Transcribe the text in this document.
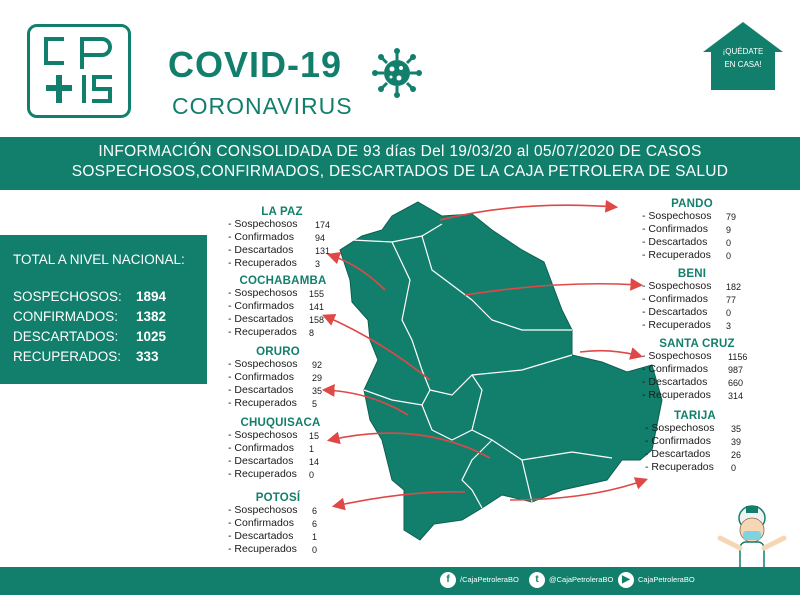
COVID-19
CORONAVIRUS
¡QUÉDATE
EN CASA!
INFORMACIÓN CONSOLIDADA DE 93 días Del 19/03/20 al 05/07/2020 DE CASOS
SOSPECHOSOS,CONFIRMADOS, DESCARTADOS DE LA CAJA PETROLERA DE SALUD
TOTAL A NIVEL NACIONAL:
SOSPECHOSOS: 1894
CONFIRMADOS: 1382
DESCARTADOS: 1025
RECUPERADOS: 333
LA PAZ
- Sospechosos 174
- Confirmados 94
- Descartados 131
- Recuperados 3
COCHABAMBA
- Sospechosos 155
- Confirmados 141
- Descartados 158
- Recuperados 8
ORURO
- Sospechosos 92
- Confirmados 29
- Descartados 35
- Recuperados 5
CHUQUISACA
- Sospechosos 15
- Confirmados 1
- Descartados 14
- Recuperados 0
POTOSÍ
- Sospechosos 6
- Confirmados 6
- Descartados 1
- Recuperados 0
PANDO
- Sospechosos 79
- Confirmados 9
- Descartados 0
- Recuperados 0
BENI
- Sospechosos 182
- Confirmados 77
- Descartados 0
- Recuperados 3
SANTA CRUZ
- Sospechosos 1156
- Confirmados 987
- Descartados 660
- Recuperados 314
TARIJA
- Sospechosos 35
- Confirmados 39
- Descartados 26
- Recuperados 0
f /CajaPetroleraBO	t @CajaPetroleraBO ▶ CajaPetroleraBO
